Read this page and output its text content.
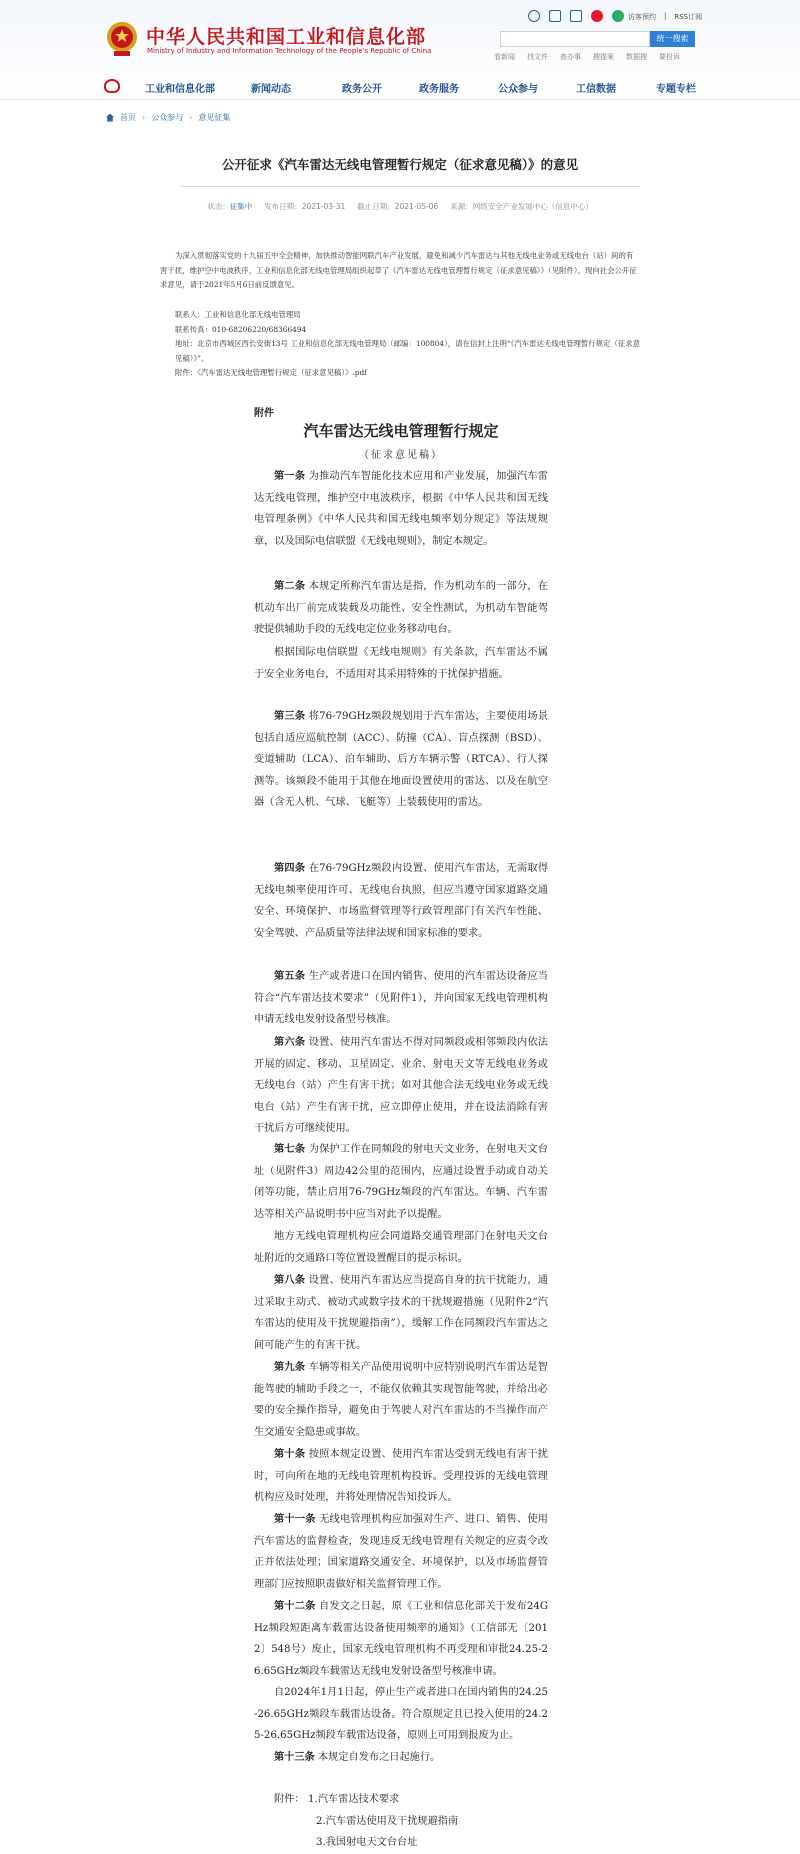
中华人民共和国工业和信息化部
Ministry of Industry and Information Technology of the People's Republic of China
访客预约 | RSS订阅
统一搜索
看新闻 找文件 查办事 搜提案 数据搜 要投诉
工业和信息化部	新闻动态	政务公开	政务服务	公众参与	工信数据	专题专栏
首页 › 公众参与 › 意见征集
公开征求《汽车雷达无线电管理暂行规定（征求意见稿）》的意见
状态：征集中 发布日期：2021-03-31 截止日期：2021-05-06 来源：网络安全产业发展中心（信息中心）

为深入贯彻落实党的十九届五中全会精神，加快推动智能网联汽车产业发展，避免和减少汽车雷达与其他无线电业务或无线电台（站）间的有害干扰，维护空中电波秩序，工业和信息化部无线电管理局组织起草了《汽车雷达无线电管理暂行规定（征求意见稿）》（见附件）。现向社会公开征求意见，请于2021年5月6日前反馈意见。

联系人：工业和信息化部无线电管理局

联系传真：010-68206220/68366494

地址：北京市西城区西长安街13号 工业和信息化部无线电管理局（邮编：100804），请在信封上注明“《汽车雷达无线电管理暂行规定（征求意见稿）》”。

附件：《汽车雷达无线电管理暂行规定（征求意见稿）》.pdf

附件
汽车雷达无线电管理暂行规定
（征求意见稿）

第一条 为推动汽车智能化技术应用和产业发展，加强汽车雷达无线电管理，维护空中电波秩序，根据《中华人民共和国无线电管理条例》《中华人民共和国无线电频率划分规定》等法规规章，以及国际电信联盟《无线电规则》，制定本规定。

第二条 本规定所称汽车雷达是指，作为机动车的一部分，在机动车出厂前完成装载及功能性、安全性测试，为机动车智能驾驶提供辅助手段的无线电定位业务移动电台。

根据国际电信联盟《无线电规则》有关条款，汽车雷达不属于安全业务电台，不适用对其采用特殊的干扰保护措施。

第三条 将76-79GHz频段规划用于汽车雷达，主要使用场景包括自适应巡航控制（ACC）、防撞（CA）、盲点探测（BSD）、变道辅助（LCA）、泊车辅助、后方车辆示警（RTCA）、行人探测等。该频段不能用于其他在地面设置使用的雷达、以及在航空器（含无人机、气球、飞艇等）上装载使用的雷达。

第四条 在76-79GHz频段内设置、使用汽车雷达，无需取得无线电频率使用许可、无线电台执照，但应当遵守国家道路交通安全、环境保护、市场监督管理等行政管理部门有关汽车性能、安全驾驶、产品质量等法律法规和国家标准的要求。

第五条 生产或者进口在国内销售、使用的汽车雷达设备应当符合“汽车雷达技术要求”（见附件1），并向国家无线电管理机构申请无线电发射设备型号核准。

第六条 设置、使用汽车雷达不得对同频段或相邻频段内依法开展的固定、移动、卫星固定、业余、射电天文等无线电业务或无线电台（站）产生有害干扰；如对其他合法无线电业务或无线电台（站）产生有害干扰，应立即停止使用，并在设法消除有害干扰后方可继续使用。

第七条 为保护工作在同频段的射电天文业务，在射电天文台址（见附件3）周边42公里的范围内，应通过设置手动或自动关闭等功能，禁止启用76-79GHz频段的汽车雷达。车辆、汽车雷达等相关产品说明书中应当对此予以提醒。

地方无线电管理机构应会同道路交通管理部门在射电天文台址附近的交通路口等位置设置醒目的提示标识。

第八条 设置、使用汽车雷达应当提高自身的抗干扰能力，通过采取主动式、被动式或数字技术的干扰规避措施（见附件2“汽车雷达的使用及干扰规避指南”），缓解工作在同频段汽车雷达之间可能产生的有害干扰。

第九条 车辆等相关产品使用说明中应特别说明汽车雷达是智能驾驶的辅助手段之一，不能仅依赖其实现智能驾驶，并给出必要的安全操作指导，避免由于驾驶人对汽车雷达的不当操作而产生交通安全隐患或事故。

第十条 按照本规定设置、使用汽车雷达受到无线电有害干扰时，可向所在地的无线电管理机构投诉。受理投诉的无线电管理机构应及时处理，并将处理情况告知投诉人。

第十一条 无线电管理机构应加强对生产、进口、销售、使用汽车雷达的监督检查，发现违反无线电管理有关规定的应责令改正并依法处理；国家道路交通安全、环境保护，以及市场监督管理部门应按照职责做好相关监督管理工作。

第十二条 自发文之日起，原《工业和信息化部关于发布24GHz频段短距离车载雷达设备使用频率的通知》（工信部无〔2012〕548号）废止，国家无线电管理机构不再受理和审批24.25-26.65GHz频段车载雷达无线电发射设备型号核准申请。

自2024年1月1日起，停止生产或者进口在国内销售的24.25-26.65GHz频段车载雷达设备。符合原规定且已投入使用的24.25-26.65GHz频段车载雷达设备，原则上可用到报废为止。

第十三条 本规定自发布之日起施行。

附件： 1.汽车雷达技术要求

2.汽车雷达使用及干扰规避指南

3.我国射电天文台台址
